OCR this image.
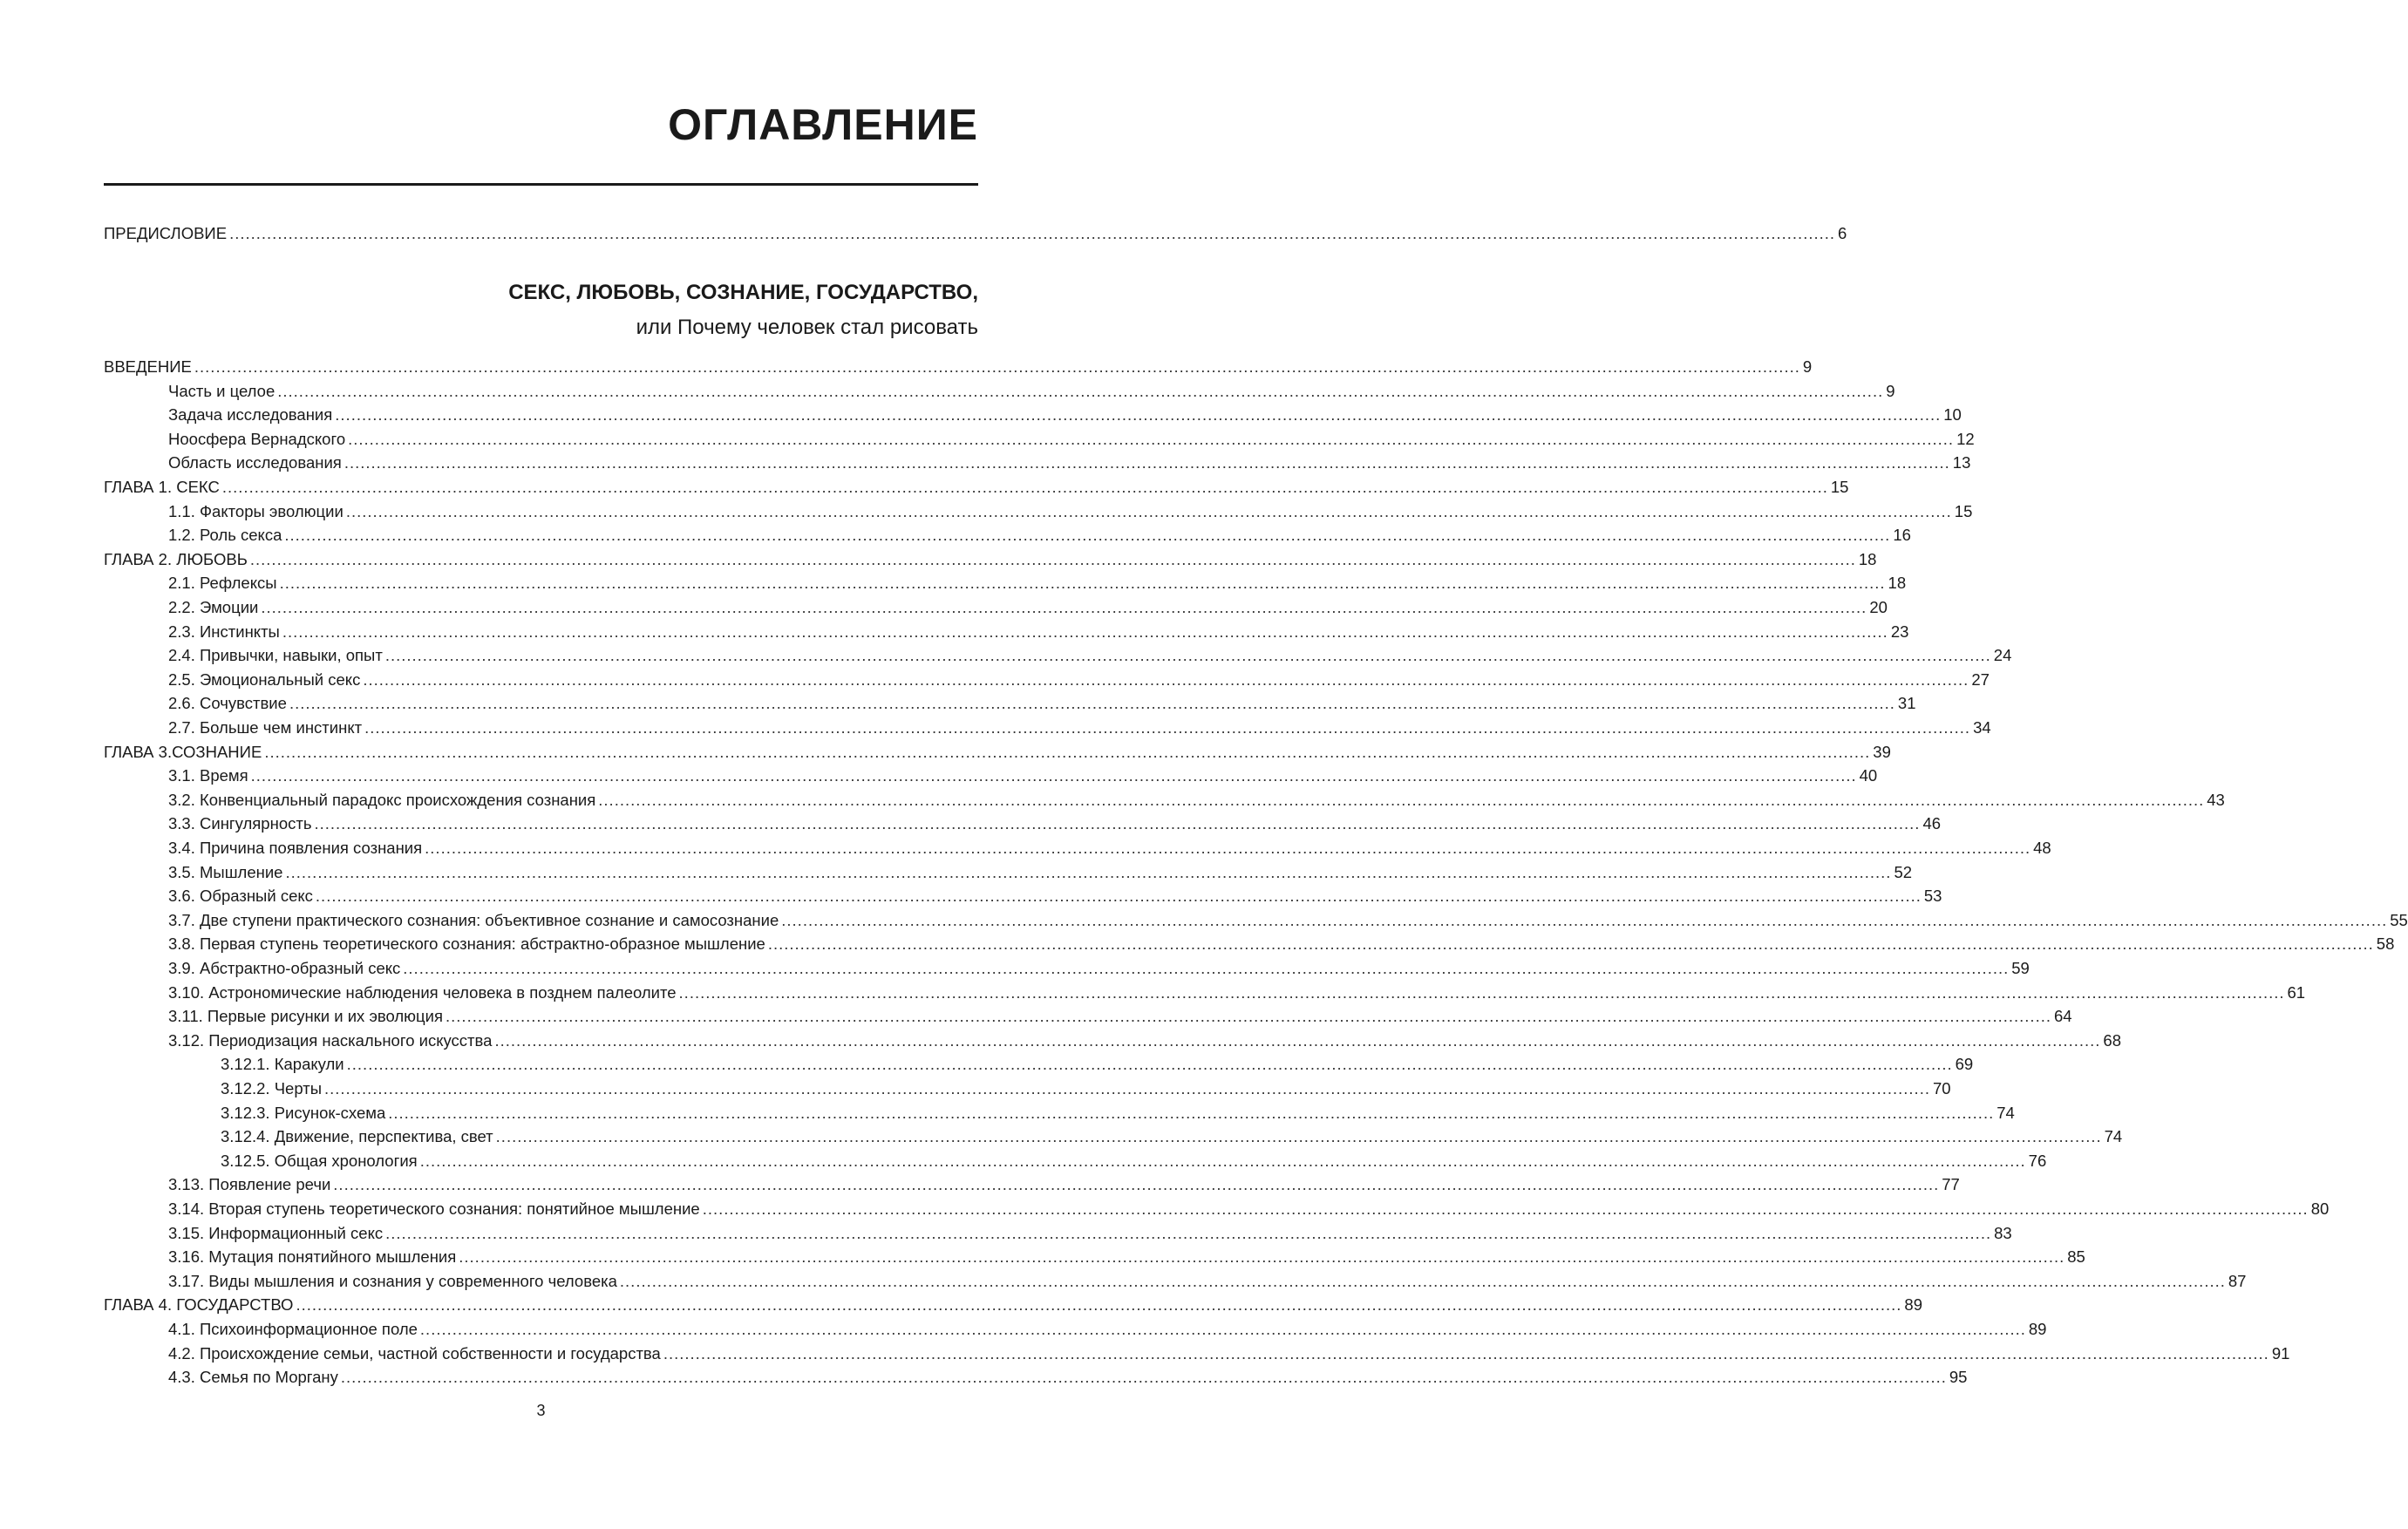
ОГЛАВЛЕНИЕ
ПРЕДИСЛОВИЕ ............................................................................................................................................................................................................................................................................................................ 6

СЕКС, ЛЮБОВЬ, СОЗНАНИЕ, ГОСУДАРСТВО,

или Почему человек стал рисовать

ВВЕДЕНИЕ ............................................................................................................................................................................................................................................................................................................ 9
Часть и целое ............................................................................................................................................................................................................................................................................................................ 9
Задача исследования ............................................................................................................................................................................................................................................................................................................ 10
Ноосфера Вернадского ............................................................................................................................................................................................................................................................................................................ 12
Область исследования ............................................................................................................................................................................................................................................................................................................ 13
ГЛАВА 1. СЕКС ............................................................................................................................................................................................................................................................................................................ 15
1.1. Факторы эволюции ............................................................................................................................................................................................................................................................................................................ 15
1.2. Роль секса ............................................................................................................................................................................................................................................................................................................ 16
ГЛАВА 2. ЛЮБОВЬ ............................................................................................................................................................................................................................................................................................................ 18
2.1. Рефлексы ............................................................................................................................................................................................................................................................................................................ 18
2.2. Эмоции ............................................................................................................................................................................................................................................................................................................ 20
2.3. Инстинкты ............................................................................................................................................................................................................................................................................................................ 23
2.4. Привычки, навыки, опыт ............................................................................................................................................................................................................................................................................................................ 24
2.5. Эмоциональный секс ............................................................................................................................................................................................................................................................................................................ 27
2.6. Сочувствие ............................................................................................................................................................................................................................................................................................................ 31
2.7. Больше чем инстинкт ............................................................................................................................................................................................................................................................................................................ 34
ГЛАВА 3.СОЗНАНИЕ ............................................................................................................................................................................................................................................................................................................ 39
3.1. Время ............................................................................................................................................................................................................................................................................................................ 40
3.2. Конвенциальный парадокс происхождения сознания ............................................................................................................................................................................................................................................................................................................ 43
3.3. Сингулярность ............................................................................................................................................................................................................................................................................................................ 46
3.4. Причина появления сознания ............................................................................................................................................................................................................................................................................................................ 48
3.5. Мышление ............................................................................................................................................................................................................................................................................................................ 52
3.6. Образный секс ............................................................................................................................................................................................................................................................................................................ 53
3.7. Две ступени практического сознания: объективное сознание и самосознание ............................................................................................................................................................................................................................................................................................................ 55
3.8. Первая ступень теоретического сознания: абстрактно-образное мышление ............................................................................................................................................................................................................................................................................................................ 58
3.9. Абстрактно-образный секс ............................................................................................................................................................................................................................................................................................................ 59
3.10. Астрономические наблюдения человека в позднем палеолите ............................................................................................................................................................................................................................................................................................................ 61
3.11. Первые рисунки и их эволюция ............................................................................................................................................................................................................................................................................................................ 64
3.12. Периодизация наскального искусства ............................................................................................................................................................................................................................................................................................................ 68
3.12.1. Каракули ............................................................................................................................................................................................................................................................................................................ 69
3.12.2. Черты ............................................................................................................................................................................................................................................................................................................ 70
3.12.3. Рисунок-схема ............................................................................................................................................................................................................................................................................................................ 74
3.12.4. Движение, перспектива, свет ............................................................................................................................................................................................................................................................................................................ 74
3.12.5. Общая хронология ............................................................................................................................................................................................................................................................................................................ 76
3.13. Появление речи ............................................................................................................................................................................................................................................................................................................ 77
3.14. Вторая ступень теоретического сознания: понятийное мышление ............................................................................................................................................................................................................................................................................................................ 80
3.15. Информационный секс ............................................................................................................................................................................................................................................................................................................ 83
3.16. Мутация понятийного мышления ............................................................................................................................................................................................................................................................................................................ 85
3.17. Виды мышления и сознания у современного человека ............................................................................................................................................................................................................................................................................................................ 87
ГЛАВА 4. ГОСУДАРСТВО ............................................................................................................................................................................................................................................................................................................ 89
4.1. Психоинформационное поле ............................................................................................................................................................................................................................................................................................................ 89
4.2. Происхождение семьи, частной собственности и государства ............................................................................................................................................................................................................................................................................................................ 91
4.3. Семья по Моргану ............................................................................................................................................................................................................................................................................................................ 95
3
